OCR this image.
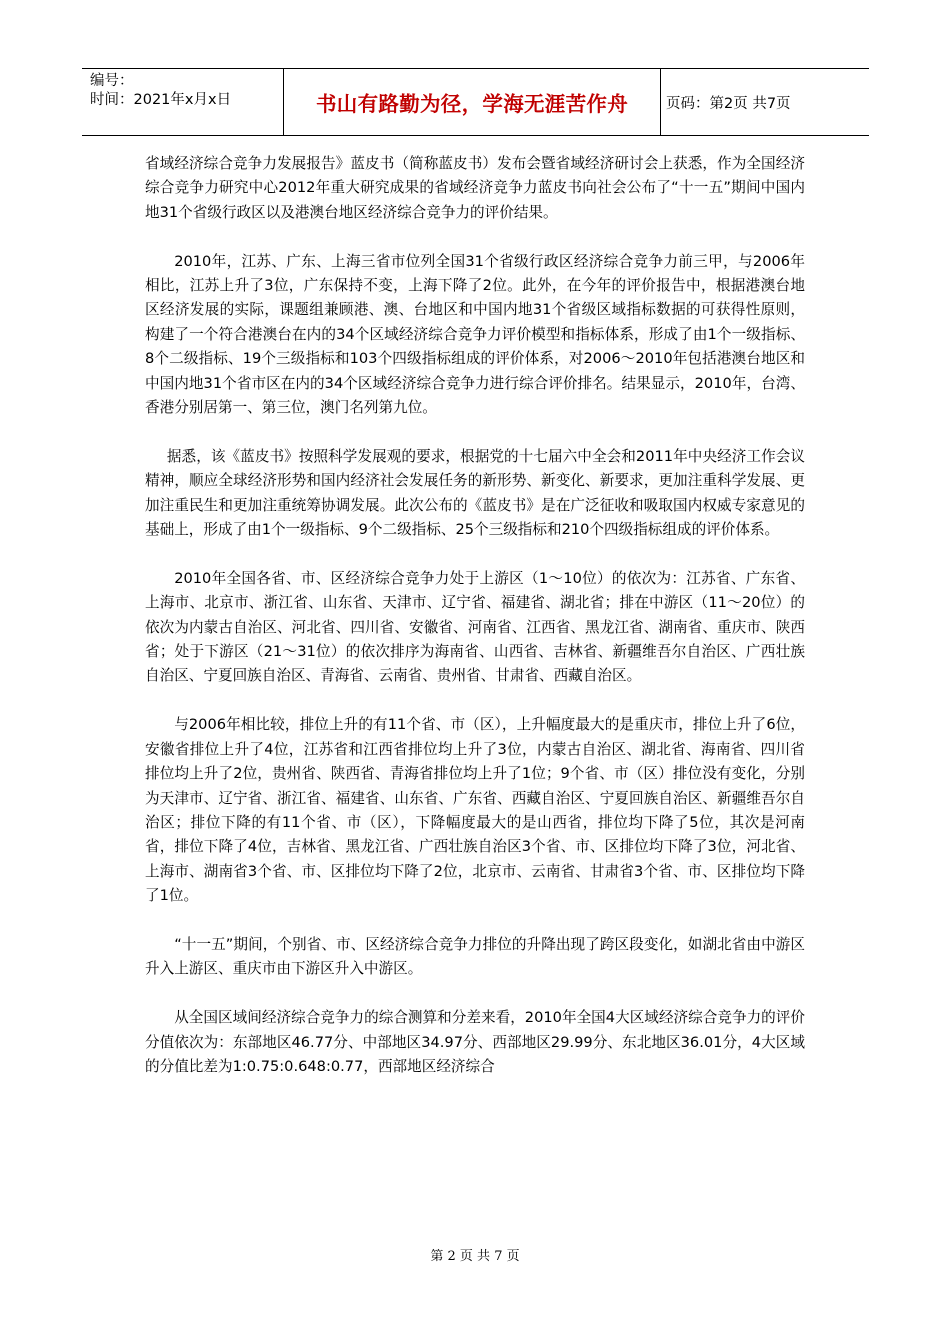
编号：
时间：2021年x月x日	书山有路勤为径，学海无涯苦作舟	页码：第2页 共7页

省域经济综合竞争力发展报告》蓝皮书（简称蓝皮书）发布会暨省域经济研讨会上获悉，作为全国经济综合竞争力研究中心2012年重大研究成果的省域经济竞争力蓝皮书向社会公布了“十一五”期间中国内地31个省级行政区以及港澳台地区经济综合竞争力的评价结果。

2010年，江苏、广东、上海三省市位列全国31个省级行政区经济综合竞争力前三甲，与2006年相比，江苏上升了3位，广东保持不变，上海下降了2位。此外，在今年的评价报告中，根据港澳台地区经济发展的实际，课题组兼顾港、澳、台地区和中国内地31个省级区域指标数据的可获得性原则，构建了一个符合港澳台在内的34个区域经济综合竞争力评价模型和指标体系，形成了由1个一级指标、8个二级指标、19个三级指标和103个四级指标组成的评价体系，对2006～2010年包括港澳台地区和中国内地31个省市区在内的34个区域经济综合竞争力进行综合评价排名。结果显示，2010年，台湾、香港分别居第一、第三位，澳门名列第九位。

据悉，该《蓝皮书》按照科学发展观的要求，根据党的十七届六中全会和2011年中央经济工作会议精神，顺应全球经济形势和国内经济社会发展任务的新形势、新变化、新要求，更加注重科学发展、更加注重民生和更加注重统筹协调发展。此次公布的《蓝皮书》是在广泛征收和吸取国内权威专家意见的基础上，形成了由1个一级指标、9个二级指标、25个三级指标和210个四级指标组成的评价体系。

2010年全国各省、市、区经济综合竞争力处于上游区（1～10位）的依次为：江苏省、广东省、上海市、北京市、浙江省、山东省、天津市、辽宁省、福建省、湖北省；排在中游区（11～20位）的依次为内蒙古自治区、河北省、四川省、安徽省、河南省、江西省、黑龙江省、湖南省、重庆市、陕西省；处于下游区（21～31位）的依次排序为海南省、山西省、吉林省、新疆维吾尔自治区、广西壮族自治区、宁夏回族自治区、青海省、云南省、贵州省、甘肃省、西藏自治区。

与2006年相比较，排位上升的有11个省、市（区），上升幅度最大的是重庆市，排位上升了6位，安徽省排位上升了4位，江苏省和江西省排位均上升了3位，内蒙古自治区、湖北省、海南省、四川省排位均上升了2位，贵州省、陕西省、青海省排位均上升了1位；9个省、市（区）排位没有变化，分别为天津市、辽宁省、浙江省、福建省、山东省、广东省、西藏自治区、宁夏回族自治区、新疆维吾尔自治区；排位下降的有11个省、市（区），下降幅度最大的是山西省，排位均下降了5位，其次是河南省，排位下降了4位，吉林省、黑龙江省、广西壮族自治区3个省、市、区排位均下降了3位，河北省、上海市、湖南省3个省、市、区排位均下降了2位，北京市、云南省、甘肃省3个省、市、区排位均下降了1位。

“十一五”期间，个别省、市、区经济综合竞争力排位的升降出现了跨区段变化，如湖北省由中游区升入上游区、重庆市由下游区升入中游区。

从全国区域间经济综合竞争力的综合测算和分差来看，2010年全国4大区域经济综合竞争力的评价分值依次为：东部地区46.77分、中部地区34.97分、西部地区29.99分、东北地区36.01分，4大区域的分值比差为1:0.75:0.648:0.77，西部地区经济综合

第 2 页 共 7 页
